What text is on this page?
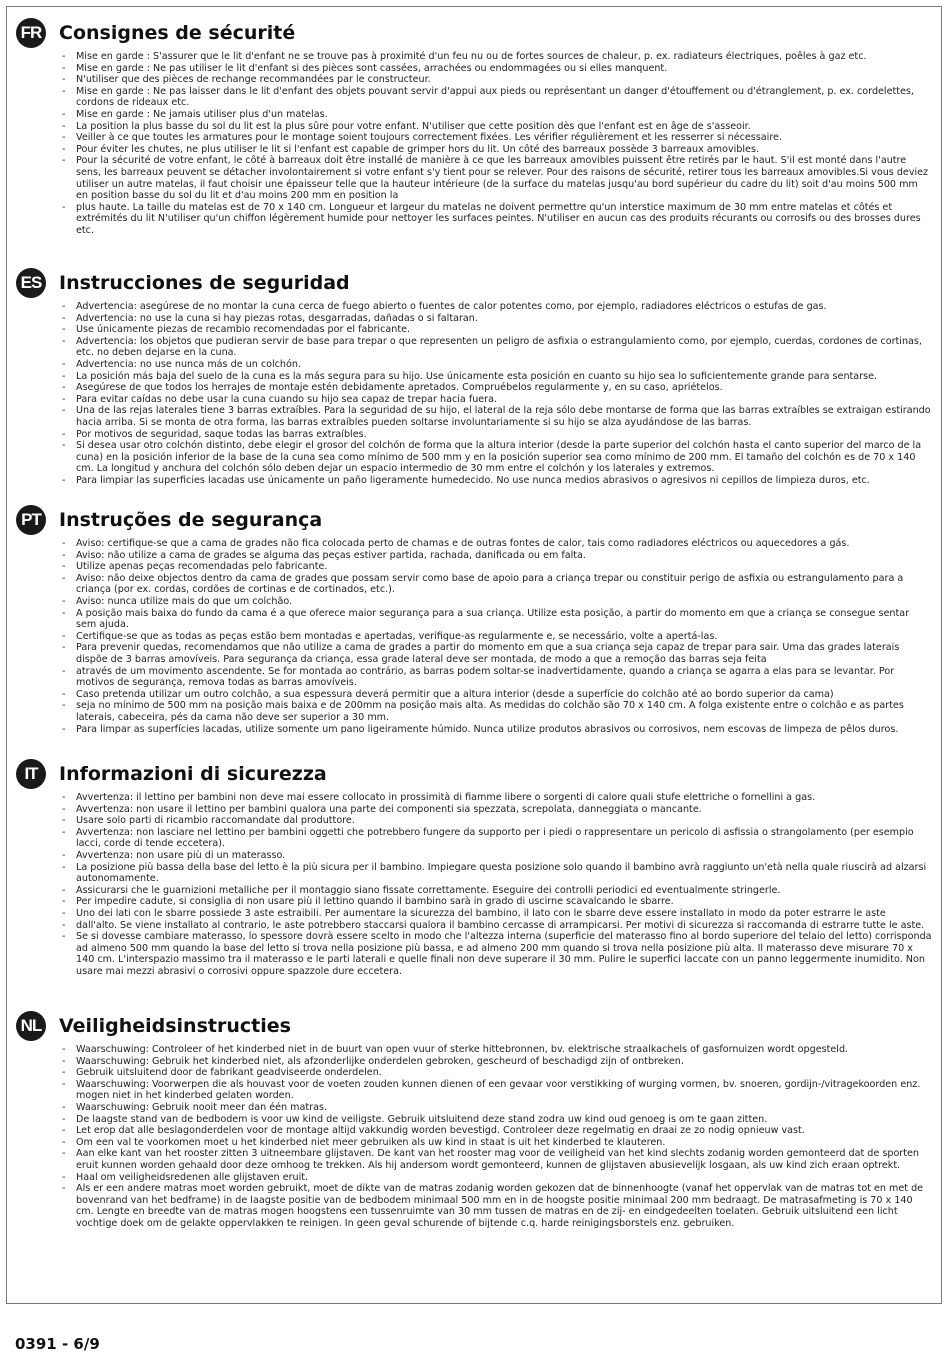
FR Consignes de sécurité
- Mise en garde : S'assurer que le lit d'enfant ne se trouve pas à proximité d'un feu nu ou de fortes sources de chaleur, p. ex. radiateurs électriques, poêles à gaz etc.
- Mise en garde : Ne pas utiliser le lit d'enfant si des pièces sont cassées, arrachées ou endommagées ou si elles manquent.
- N'utiliser que des pièces de rechange recommandées par le constructeur.
- Mise en garde : Ne pas laisser dans le lit d'enfant des objets pouvant servir d'appui aux pieds ou représentant un danger d'étouffement ou d'étranglement, p. ex. cordelettes, cordons de rideaux etc.
- Mise en garde : Ne jamais utiliser plus d'un matelas.
- La position la plus basse du sol du lit est la plus sûre pour votre enfant. N'utiliser que cette position dès que l'enfant est en âge de s'asseoir.
- Veiller à ce que toutes les armatures pour le montage soient toujours correctement fixées. Les vérifier régulièrement et les resserrer si nécessaire.
- Pour éviter les chutes, ne plus utiliser le lit si l'enfant est capable de grimper hors du lit. Un côté des barreaux possède 3 barreaux amovibles.
- Pour la sécurité de votre enfant, le côté à barreaux doit être installé de manière à ce que les barreaux amovibles puissent être retirés par le haut. S'il est monté dans l'autre sens, les barreaux peuvent se détacher involontairement si votre enfant s'y tient pour se relever. Pour des raisons de sécurité, retirer tous les barreaux amovibles.Si vous deviez utiliser un autre matelas, il faut choisir une épaisseur telle que la hauteur intérieure (de la surface du matelas jusqu'au bord supérieur du cadre du lit) soit d'au moins 500 mm en position basse du sol du lit et d'au moins 200 mm en position la
- plus haute. La taille du matelas est de 70 x 140 cm. Longueur et largeur du matelas ne doivent permettre qu'un interstice maximum de 30 mm entre matelas et côtés et extrémités du lit N'utiliser qu'un chiffon légèrement humide pour nettoyer les surfaces peintes. N'utiliser en aucun cas des produits récurants ou corrosifs ou des brosses dures etc.
ES Instrucciones de seguridad
- Advertencia: asegúrese de no montar la cuna cerca de fuego abierto o fuentes de calor potentes como, por ejemplo, radiadores eléctricos o estufas de gas.
- Advertencia: no use la cuna si hay piezas rotas, desgarradas, dañadas o si faltaran.
- Use únicamente piezas de recambio recomendadas por el fabricante.
- Advertencia: los objetos que pudieran servir de base para trepar o que representen un peligro de asfixia o estrangulamiento como, por ejemplo, cuerdas, cordones de cortinas, etc. no deben dejarse en la cuna.
- Advertencia: no use nunca más de un colchón.
- La posición más baja del suelo de la cuna es la más segura para su hijo. Use únicamente esta posición en cuanto su hijo sea lo suficientemente grande para sentarse.
- Asegúrese de que todos los herrajes de montaje estén debidamente apretados. Compruébelos regularmente y, en su caso, apriételos.
- Para evitar caídas no debe usar la cuna cuando su hijo sea capaz de trepar hacia fuera.
- Una de las rejas laterales tiene 3 barras extraíbles. Para la seguridad de su hijo, el lateral de la reja sólo debe montarse de forma que las barras extraíbles se extraigan estirando hacia arriba. Si se monta de otra forma, las barras extraíbles pueden soltarse involuntariamente si su hijo se alza ayudándose de las barras.
- Por motivos de seguridad, saque todas las barras extraíbles.
- Si desea usar otro colchón distinto, debe elegir el grosor del colchón de forma que la altura interior (desde la parte superior del colchón hasta el canto superior del marco de la cuna) en la posición inferior de la base de la cuna sea como mínimo de 500 mm y en la posición superior sea como mínimo de 200 mm. El tamaño del colchón es de 70 x 140 cm. La longitud y anchura del colchón sólo deben dejar un espacio intermedio de 30 mm entre el colchón y los laterales y extremos.
- Para limpiar las superficies lacadas use únicamente un paño ligeramente humedecido. No use nunca medios abrasivos o agresivos ni cepillos de limpieza duros, etc.
PT Instruções de segurança
- Aviso: certifique-se que a cama de grades não fica colocada perto de chamas e de outras fontes de calor, tais como radiadores eléctricos ou aquecedores a gás.
- Aviso: não utilize a cama de grades se alguma das peças estiver partida, rachada, danificada ou em falta.
- Utilize apenas peças recomendadas pelo fabricante.
- Aviso: não deixe objectos dentro da cama de grades que possam servir como base de apoio para a criança trepar ou constituir perigo de asfixia ou estrangulamento para a criança (por ex. cordas, cordões de cortinas e de cortinados, etc.).
- Aviso: nunca utilize mais do que um colchão.
- A posição mais baixa do fundo da cama é a que oferece maior segurança para a sua criança. Utilize esta posição, a partir do momento em que a criança se consegue sentar sem ajuda.
- Certifique-se que as todas as peças estão bem montadas e apertadas, verifique-as regularmente e, se necessário, volte a apertá-las.
- Para prevenir quedas, recomendamos que não utilize a cama de grades a partir do momento em que a sua criança seja capaz de trepar para sair. Uma das grades laterais dispõe de 3 barras amovíveis. Para segurança da criança, essa grade lateral deve ser montada, de modo a que a remoção das barras seja feita
- através de um movimento ascendente. Se for montada ao contrário, as barras podem soltar-se inadvertidamente, quando a criança se agarra a elas para se levantar. Por motivos de segurança, remova todas as barras amovíveis.
- Caso pretenda utilizar um outro colchão, a sua espessura deverá permitir que a altura interior (desde a superfície do colchão até ao bordo superior da cama)
- seja no mínimo de 500 mm na posição mais baixa e de 200mm na posição mais alta. As medidas do colchão são 70 x 140 cm. A folga existente entre o colchão e as partes laterais, cabeceira, pés da cama não deve ser superior a 30 mm.
- Para limpar as superfícies lacadas, utilize somente um pano ligeiramente húmido. Nunca utilize produtos abrasivos ou corrosivos, nem escovas de limpeza de pêlos duros.
IT	Informazioni di sicurezza
- Avvertenza: il lettino per bambini non deve mai essere collocato in prossimità di fiamme libere o sorgenti di calore quali stufe elettriche o fornellini a gas.
- Avvertenza: non usare il lettino per bambini qualora una parte dei componenti sia spezzata, screpolata, danneggiata o mancante.
- Usare solo parti di ricambio raccomandate dal produttore.
- Avvertenza: non lasciare nel lettino per bambini oggetti che potrebbero fungere da supporto per i piedi o rappresentare un pericolo di asfissia o strangolamento (per esempio lacci, corde di tende eccetera).
- Avvertenza: non usare più di un materasso.
- La posizione più bassa della base del letto è la più sicura per il bambino. Impiegare questa posizione solo quando il bambino avrà raggiunto un'età nella quale riuscirà ad alzarsi autonomamente.
- Assicurarsi che le guarnizioni metalliche per il montaggio siano fissate correttamente. Eseguire dei controlli periodici ed eventualmente stringerle.
- Per impedire cadute, si consiglia di non usare più il lettino quando il bambino sarà in grado di uscirne scavalcando le sbarre.
- Uno dei lati con le sbarre possiede 3 aste estraibili. Per aumentare la sicurezza del bambino, il lato con le sbarre deve essere installato in modo da poter estrarre le aste
- dall'alto. Se viene installato al contrario, le aste potrebbero staccarsi qualora il bambino cercasse di arrampicarsi. Per motivi di sicurezza si raccomanda di estrarre tutte le aste.
- Se si dovesse cambiare materasso, lo spessore dovrà essere scelto in modo che l'altezza interna (superficie del materasso fino al bordo superiore del telaio del letto) corrisponda ad almeno 500 mm quando la base del letto si trova nella posizione più bassa, e ad almeno 200 mm quando si trova nella posizione più alta. Il materasso deve misurare 70 x 140 cm. L'interspazio massimo tra il materasso e le parti laterali e quelle finali non deve superare il 30 mm. Pulire le superfici laccate con un panno leggermente inumidito. Non usare mai mezzi abrasivi o corrosivi oppure spazzole dure eccetera.
NL Veiligheidsinstructies
- Waarschuwing: Controleer of het kinderbed niet in de buurt van open vuur of sterke hittebronnen, bv. elektrische straalkachels of gasfornuizen wordt opgesteld.
- Waarschuwing: Gebruik het kinderbed niet, als afzonderlijke onderdelen gebroken, gescheurd of beschadigd zijn of ontbreken.
- Gebruik uitsluitend door de fabrikant geadviseerde onderdelen.
- Waarschuwing: Voorwerpen die als houvast voor de voeten zouden kunnen dienen of een gevaar voor verstikking of wurging vormen, bv. snoeren, gordijn-/vitragekoorden enz. mogen niet in het kinderbed gelaten worden.
- Waarschuwing: Gebruik nooit meer dan één matras.
- De laagste stand van de bedbodem is voor uw kind de veiligste. Gebruik uitsluitend deze stand zodra uw kind oud genoeg is om te gaan zitten.
- Let erop dat alle beslagonderdelen voor de montage altijd vakkundig worden bevestigd. Controleer deze regelmatig en draai ze zo nodig opnieuw vast.
- Om een val te voorkomen moet u het kinderbed niet meer gebruiken als uw kind in staat is uit het kinderbed te klauteren.
- Aan elke kant van het rooster zitten 3 uitneembare glijstaven. De kant van het rooster mag voor de veiligheid van het kind slechts zodanig worden gemonteerd dat de sporten eruit kunnen worden gehaald door deze omhoog te trekken. Als hij andersom wordt gemonteerd, kunnen de glijstaven abusievelijk losgaan, als uw kind zich eraan optrekt.
- Haal om veiligheidsredenen alle glijstaven eruit.
- Als er een andere matras moet worden gebruikt, moet de dikte van de matras zodanig worden gekozen dat de binnenhoogte (vanaf het oppervlak van de matras tot en met de bovenrand van het bedframe) in de laagste positie van de bedbodem minimaal 500 mm en in de hoogste positie minimaal 200 mm bedraagt. De matrasafmeting is 70 x 140 cm. Lengte en breedte van de matras mogen hoogstens een tussenruimte van 30 mm tussen de matras en de zij- en eindgedeelten toelaten. Gebruik uitsluitend een licht vochtige doek om de gelakte oppervlakken te reinigen. In geen geval schurende of bijtende c.q. harde reinigingsborstels enz. gebruiken.
0391 - 6/9
